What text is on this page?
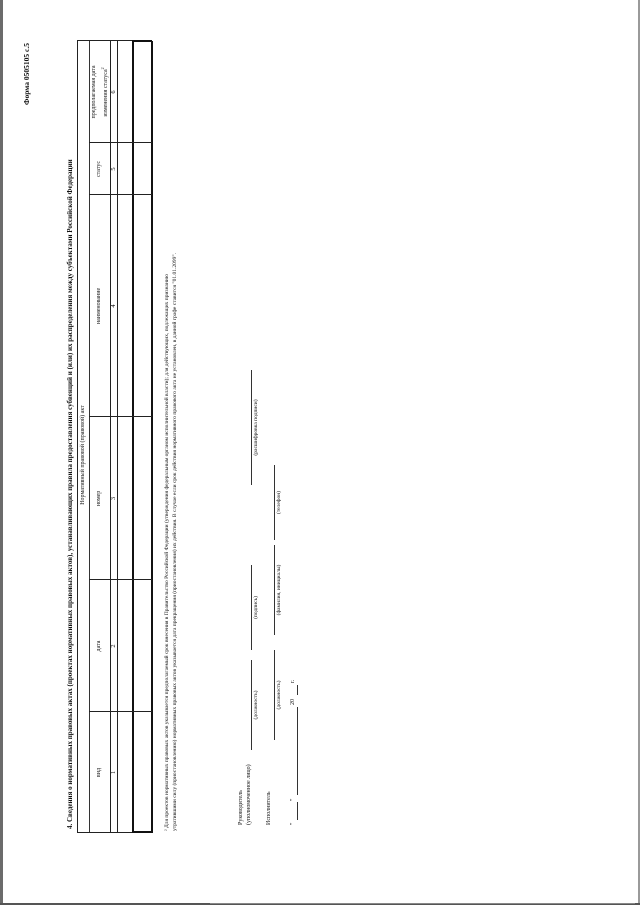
Форма 0505105 с.5
4. Сведения о нормативных правовых актах (проектах нормативных правовых актов), устанавливающих правила предоставления субвенций и (или) их распределения между субъектами Российской Федерации Нормативный правовой (правовой) акт
вид
дата
номер
наименование
статус
предполагаемая дата	изменения статуса$^2$
1
2
3
4
5
6
² Для проектов нормативных правовых актов указывается предполагаемый срок внесения в Правительство Российской Федерации (утверждения федеральным органом исполнительной власти); для действующих, подлежащих признанию утратившими силу (приостановлению) нормативных правовых актов указывается дата прекращения (приостановления) их действия. В случае если срок действия нормативного правового акта не установлен, в данной графе ставится "01.01.2099".	Руководитель (уполномоченное лицо)
(должность)
(подпись)
(расшифровка подписи)
Исполнитель
(должность)
(фамилия, инициалы)
(телефон)
"
"
20
г.
